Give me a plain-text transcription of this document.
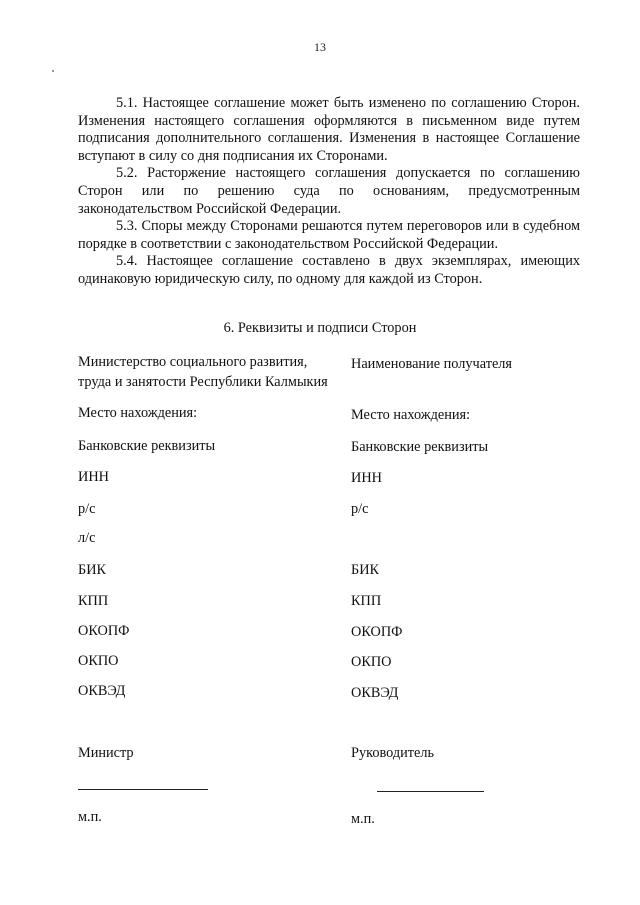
13

5.1. Настоящее соглашение может быть изменено по соглашению Сторон. Изменения настоящего соглашения оформляются в письменном виде путем подписания дополнительного соглашения. Изменения в настоящее Соглашение вступают в силу со дня подписания их Сторонами.

5.2. Расторжение настоящего соглашения допускается по соглашению Сторон или по решению суда по основаниям, предусмотренным законодательством Российской Федерации.

5.3. Споры между Сторонами решаются путем переговоров или в судебном порядке в соответствии с законодательством Российской Федерации.

5.4. Настоящее соглашение составлено в двух экземплярах, имеющих одинаковую юридическую силу, по одному для каждой из Сторон.

6. Реквизиты и подписи Сторон
Министерство социального развития,
труда и занятости Республики Калмыкия
Место нахождения:
Банковские реквизиты
ИНН
р/с
л/с
БИК
КПП
ОКОПФ
ОКПО
ОКВЭД
Министр
м.п.
Наименование получателя
Место нахождения:
Банковские реквизиты
ИНН
р/с
БИК
КПП
ОКОПФ
ОКПО
ОКВЭД
Руководитель
м.п.
